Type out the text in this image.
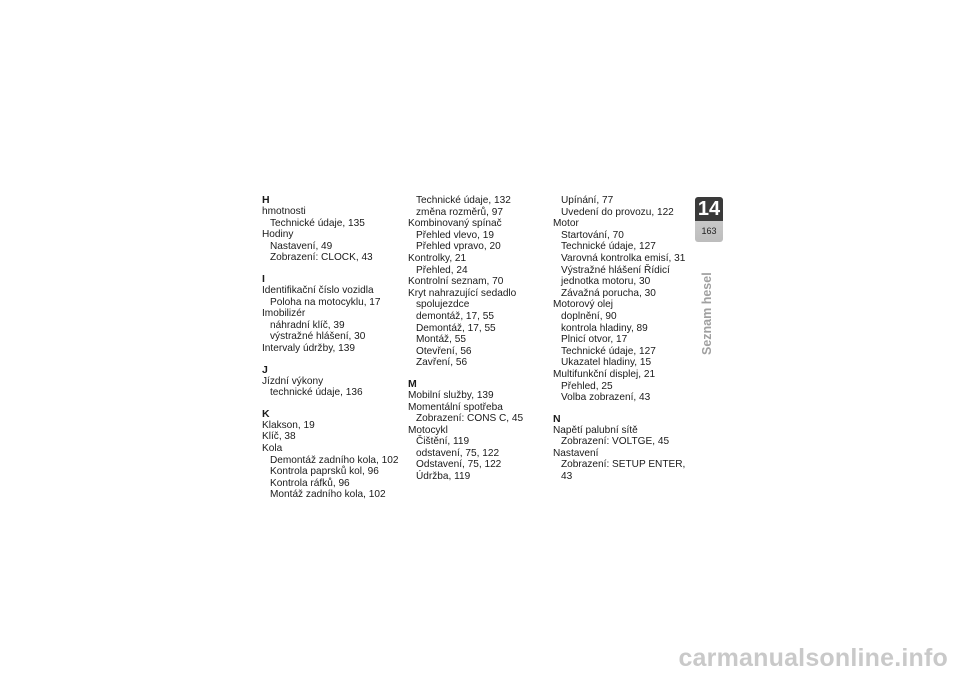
H
hmotnosti
Technické údaje, 135
Hodiny
Nastavení, 49
Zobrazení: CLOCK, 43
I
Identifikační číslo vozidla
Poloha na motocyklu, 17
Imobilizér
náhradní klíč, 39
výstražné hlášení, 30
Intervaly údržby, 139
J
Jízdní výkony
technické údaje, 136
K
Klakson, 19
Klíč, 38
Kola
Demontáž zadního kola, 102
Kontrola paprsků kol, 96
Kontrola ráfků, 96
Montáž zadního kola, 102
Technické údaje, 132
změna rozměrů, 97
Kombinovaný spínač
Přehled vlevo, 19
Přehled vpravo, 20
Kontrolky, 21
Přehled, 24
Kontrolní seznam, 70
Kryt nahrazující sedadlo
spolujezdce
demontáž, 17, 55
Demontáž, 17, 55
Montáž, 55
Otevření, 56
Zavření, 56
M
Mobilní služby, 139
Momentální spotřeba
Zobrazení: CONS C, 45
Motocykl
Čištění, 119
odstavení, 75, 122
Odstavení, 75, 122
Údržba, 119
Upínání, 77
Uvedení do provozu, 122
Motor
Startování, 70
Technické údaje, 127
Varovná kontrolka emisí, 31
Výstražné hlášení Řídicí
jednotka motoru, 30
Závažná porucha, 30
Motorový olej
doplnění, 90
kontrola hladiny, 89
Plnicí otvor, 17
Technické údaje, 127
Ukazatel hladiny, 15
Multifunkční displej, 21
Přehled, 25
Volba zobrazení, 43
N
Napětí palubní sítě
Zobrazení: VOLTGE, 45
Nastavení
Zobrazení: SETUP ENTER, 43
14
163
Seznam hesel
carmanualsonline.info
